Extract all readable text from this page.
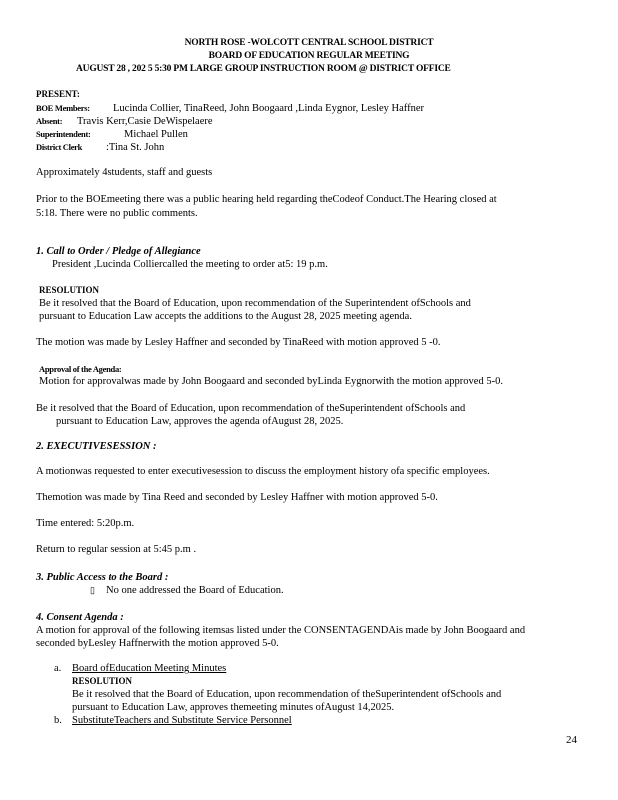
NORTH ROSE -WOLCOTT CENTRAL SCHOOL DISTRICT
BOARD OF EDUCATION REGULAR MEETING
AUGUST 28 , 202 5 5:30 PM LARGE GROUP INSTRUCTION ROOM @ DISTRICT OFFICE
PRESENT:
BOE Members: Lucinda Collier, TinaReed, John Boogaard ,Linda Eygnor, Lesley Haffner
Absent: Travis Kerr,Casie DeWispelaere
Superintendent:	Michael Pullen
District Clerk :Tina St. John
Approximately 4students, staff and guests
Prior to the BOEmeeting there was a public hearing held regarding theCodeof Conduct.The Hearing closed at
5:18. There were no public comments.
1. Call to Order / Pledge of Allegiance
President ,Lucinda Colliercalled the meeting to order at5: 19 p.m.
RESOLUTION
Be it resolved that the Board of Education, upon recommendation of the Superintendent ofSchools and
pursuant to Education Law accepts the additions to the August 28, 2025 meeting agenda.
The motion was made by Lesley Haffner and seconded by TinaReed with motion approved 5 -0.
Approval of the Agenda:
Motion for approvalwas made by John Boogaard and seconded byLinda Eygnorwith the motion approved 5-0.
Be it resolved that the Board of Education, upon recommendation of theSuperintendent ofSchools and
pursuant to Education Law, approves the agenda ofAugust 28, 2025.
2. EXECUTIVESESSION :
A motionwas requested to enter executivesession to discuss the employment history ofa specific employees.
Themotion was made by Tina Reed and seconded by Lesley Haffner with motion approved 5-0.
Time entered: 5:20p.m.
Return to regular session at 5:45 p.m .
3. Public Access to the Board :
▯ No one addressed the Board of Education.
4. Consent Agenda :
A motion for approval of the following itemsas listed under the CONSENTAGENDAis made by John Boogaard and
seconded byLesley Haffnerwith the motion approved 5-0.
a. Board ofEducation Meeting Minutes
RESOLUTION
Be it resolved that the Board of Education, upon recommendation of theSuperintendent ofSchools and
pursuant to Education Law, approves themeeting minutes ofAugust 14,2025.
b. SubstituteTeachers and Substitute Service Personnel
24
